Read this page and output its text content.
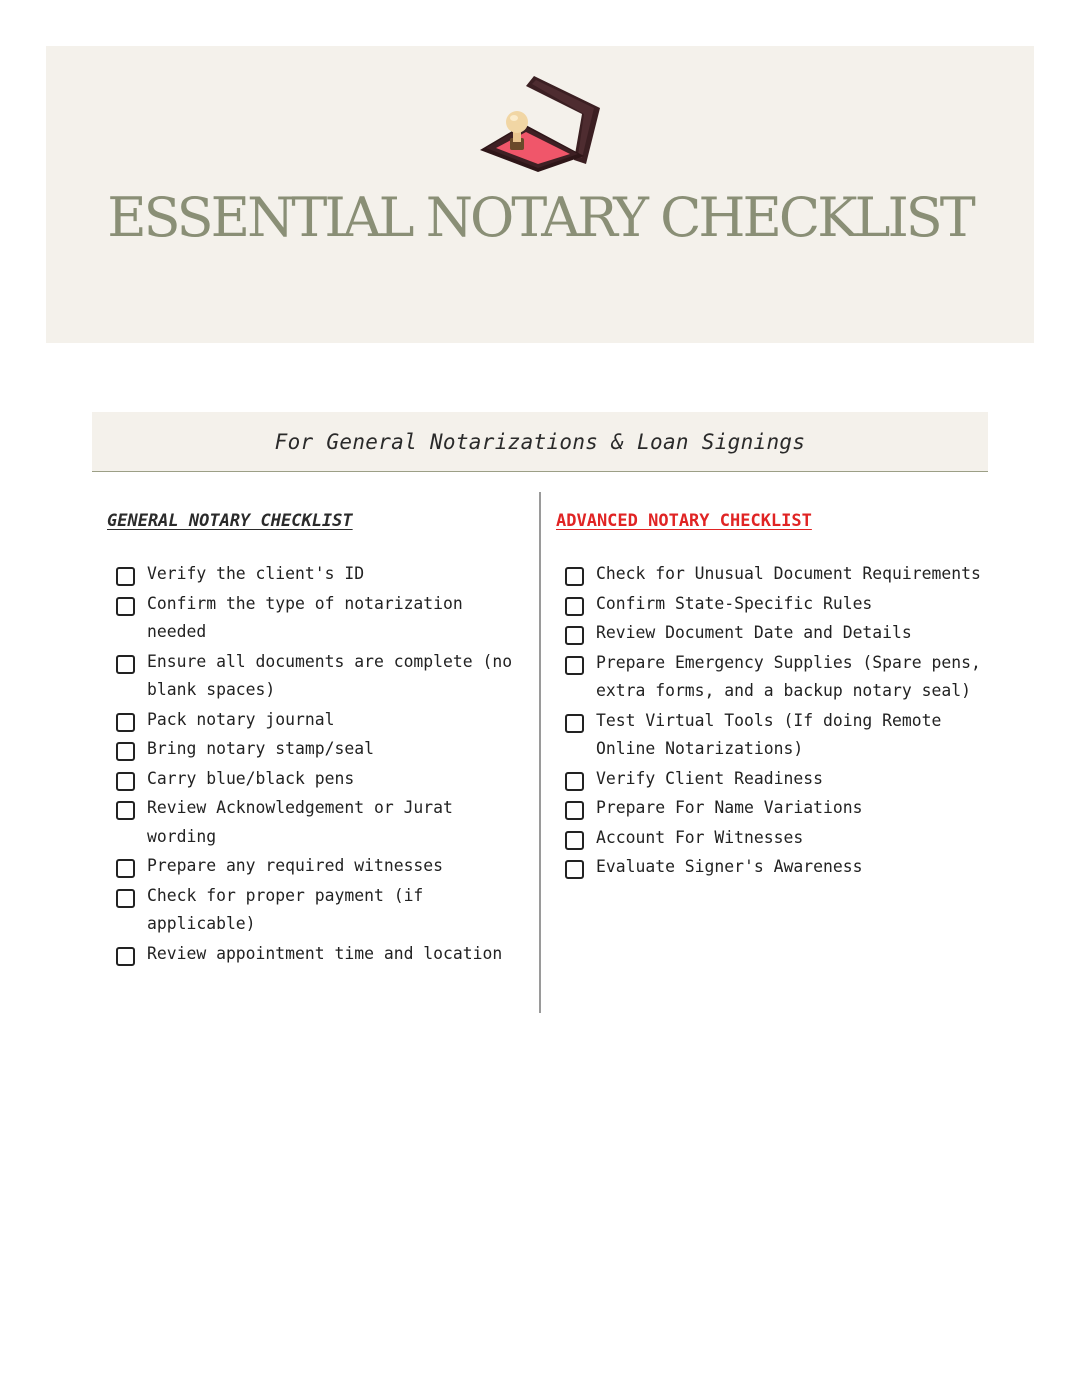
ESSENTIAL NOTARY CHECKLIST
For General Notarizations & Loan Signings
GENERAL NOTARY CHECKLIST
Verify the client's ID
Confirm the type of notarization needed
Ensure all documents are complete (no blank spaces)
Pack notary journal
Bring notary stamp/seal
Carry blue/black pens
Review Acknowledgement or Jurat wording
Prepare any required witnesses
Check for proper payment (if applicable)
Review appointment time and location
ADVANCED NOTARY CHECKLIST
Check for Unusual Document Requirements
Confirm State-Specific Rules
Review Document Date and Details
Prepare Emergency Supplies (Spare pens, extra forms, and a backup notary seal)
Test Virtual Tools (If doing Remote Online Notarizations)
Verify Client Readiness
Prepare For Name Variations
Account For Witnesses
Evaluate Signer's Awareness
